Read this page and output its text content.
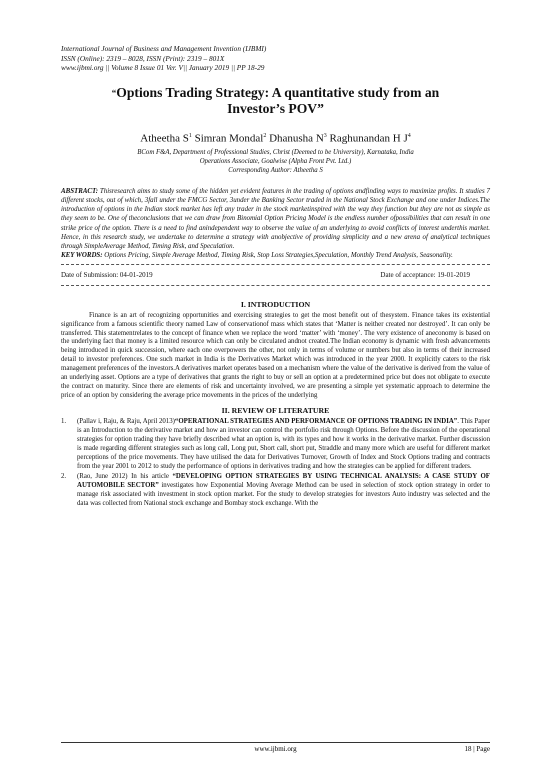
International Journal of Business and Management Invention (IJBMI)
ISSN (Online): 2319 – 8028, ISSN (Print): 2319 – 801X
www.ijbmi.org || Volume 8 Issue 01 Ver. V|| January 2019 || PP 18-29
“Options Trading Strategy: A quantitative study from an
Investor’s POV”
Atheetha $S^1$ Simran Mondal$^2$ Dhanusha $N^3$ Raghunandan H $J^4$
BCom F&A, Department of Professional Studies, Christ (Deemed to be University), Karnataka, India
Operations Associate, Goalwise (Alpha Front Pvt. Ltd.)
Corresponding Author: Atheetha S
ABSTRACT: Thisresearch aims to study some of the hidden yet evident features in the trading of options andfinding ways to maximize profits. It studies 7 different stocks, out of which, 3fall under the FMCG Sector, 3under the Banking Sector traded in the National Stock Exchange and one under Indices.The introduction of options in the Indian stock market has left any trader in the stock marketinspired with the way they function but they are not as simple as they seem to be. One of theconclusions that we can draw from Binomial Option Pricing Model is the endless number ofpossibilities that can result in one strike price of the option. There is a need to find anindependent way to observe the value of an underlying to avoid conflicts of interest underthis market. Hence, in this research study, we undertake to determine a strategy with anobjective of providing simplicity and a new arena of analytical techniques through SimpleAverage Method, Timing Risk, and Speculation.
KEY WORDS: Options Pricing, Simple Average Method, Timing Risk, Stop Loss Strategies,Speculation, Monthly Trend Analysis, Seasonality.
Date of Submission: 04-01-2019	Date of acceptance: 19-01-2019
I. INTRODUCTION
Finance is an art of recognizing opportunities and exercising strategies to get the most benefit out of thesystem. Finance takes its existential significance from a famous scientific theory named Law of conservationof mass which states that ‘Matter is neither created nor destroyed’. It can only be transferred. This statementrelates to the concept of finance when we replace the word ‘matter’ with ‘money’. The very existence of aneconomy is based on the underlying fact that money is a limited resource which can only be circulated andnot created.The Indian economy is dynamic with fresh advancements being introduced in quick succession, where each one overpowers the other, not only in terms of volume or numbers but also in terms of their increased detail to investor preferences. One such market in India is the Derivatives Market which was introduced in the year 2000. It explicitly caters to the risk management preferences of the investors.A derivatives market operates based on a mechanism where the value of the derivative is derived from the value of an underlying asset. Options are a type of derivatives that grants the right to buy or sell an option at a predetermined price but does not obligate to execute the contract on maturity. Since there are elements of risk and uncertainty involved, we are presenting a simple yet systematic approach to determine the price of an option by considering the average price movements in the prices of the underlying
II. REVIEW OF LITERATURE
1. (Pallav i, Raju, & Raju, April 2013)“OPERATIONAL STRATEGIES AND PERFORMANCE OF OPTIONS TRADING IN INDIA”. This Paper is an Introduction to the derivative market and how an investor can control the portfolio risk through Options. Before the discussion of the operational strategies for option trading they have briefly described what an option is, with its types and how it works in the derivative market. Further discussion is made regarding different strategies such as long call, Long put, Short call, short put, Straddle and many more which are useful for different market perceptions of the price movements. They have utilised the data for Derivatives Turnover, Growth of Index and Stock Options trading and contracts from the year 2001 to 2012 to study the performance of options in derivatives trading and how the strategies can be applied for different traders.
2. (Rao, June 2012) In his article “DEVELOPING OPTION STRATEGIES BY USING TECHNICAL ANALYSIS: A CASE STUDY OF AUTOMOBILE SECTOR” investigates how Exponential Moving Average Method can be used in selection of stock option strategy in order to manage risk associated with investment in stock option market. For the study to develop strategies for investors Auto industry was selected and the data was collected from National stock exchange and Bombay stock exchange. With the
www.ijbmi.org	18 | Page
